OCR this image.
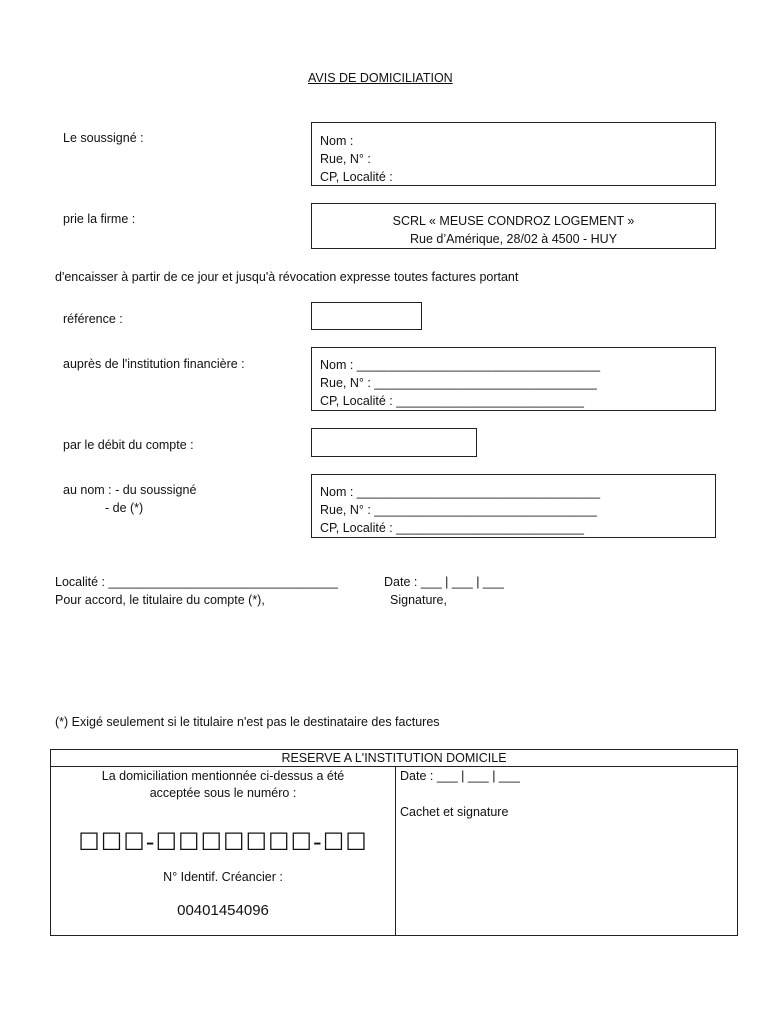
AVIS DE DOMICILIATION
Le soussigné :	Nom :
Rue, N° :
CP, Localité :
prie la firme :	SCRL « MEUSE CONDROZ LOGEMENT »
Rue d’Amérique, 28/02 à 4500 - HUY
d'encaisser à partir de ce jour et jusqu'à révocation expresse toutes factures portant
référence :
auprès de l'institution financière :	Nom : ___________________________________
Rue, N° : ________________________________
CP, Localité : ___________________________
par le débit du compte :
au nom : - du soussigné
- de (*)
Nom : ___________________________________
Rue, N° : ________________________________
CP, Localité : ___________________________
Localité : _________________________________	Date : ___ | ___ | ___
Pour accord, le titulaire du compte (*),	Signature,
(*) Exigé seulement si le titulaire n'est pas le destinataire des factures
RESERVE A L'INSTITUTION DOMICILE

La domiciliation mentionnée ci-dessus a été
acceptée sous le numéro :
☐☐☐-☐☐☐☐☐☐☐-☐☐
N° Identif. Créancier :
00401454096

Date : ___ | ___ | ___
Cachet et signature
